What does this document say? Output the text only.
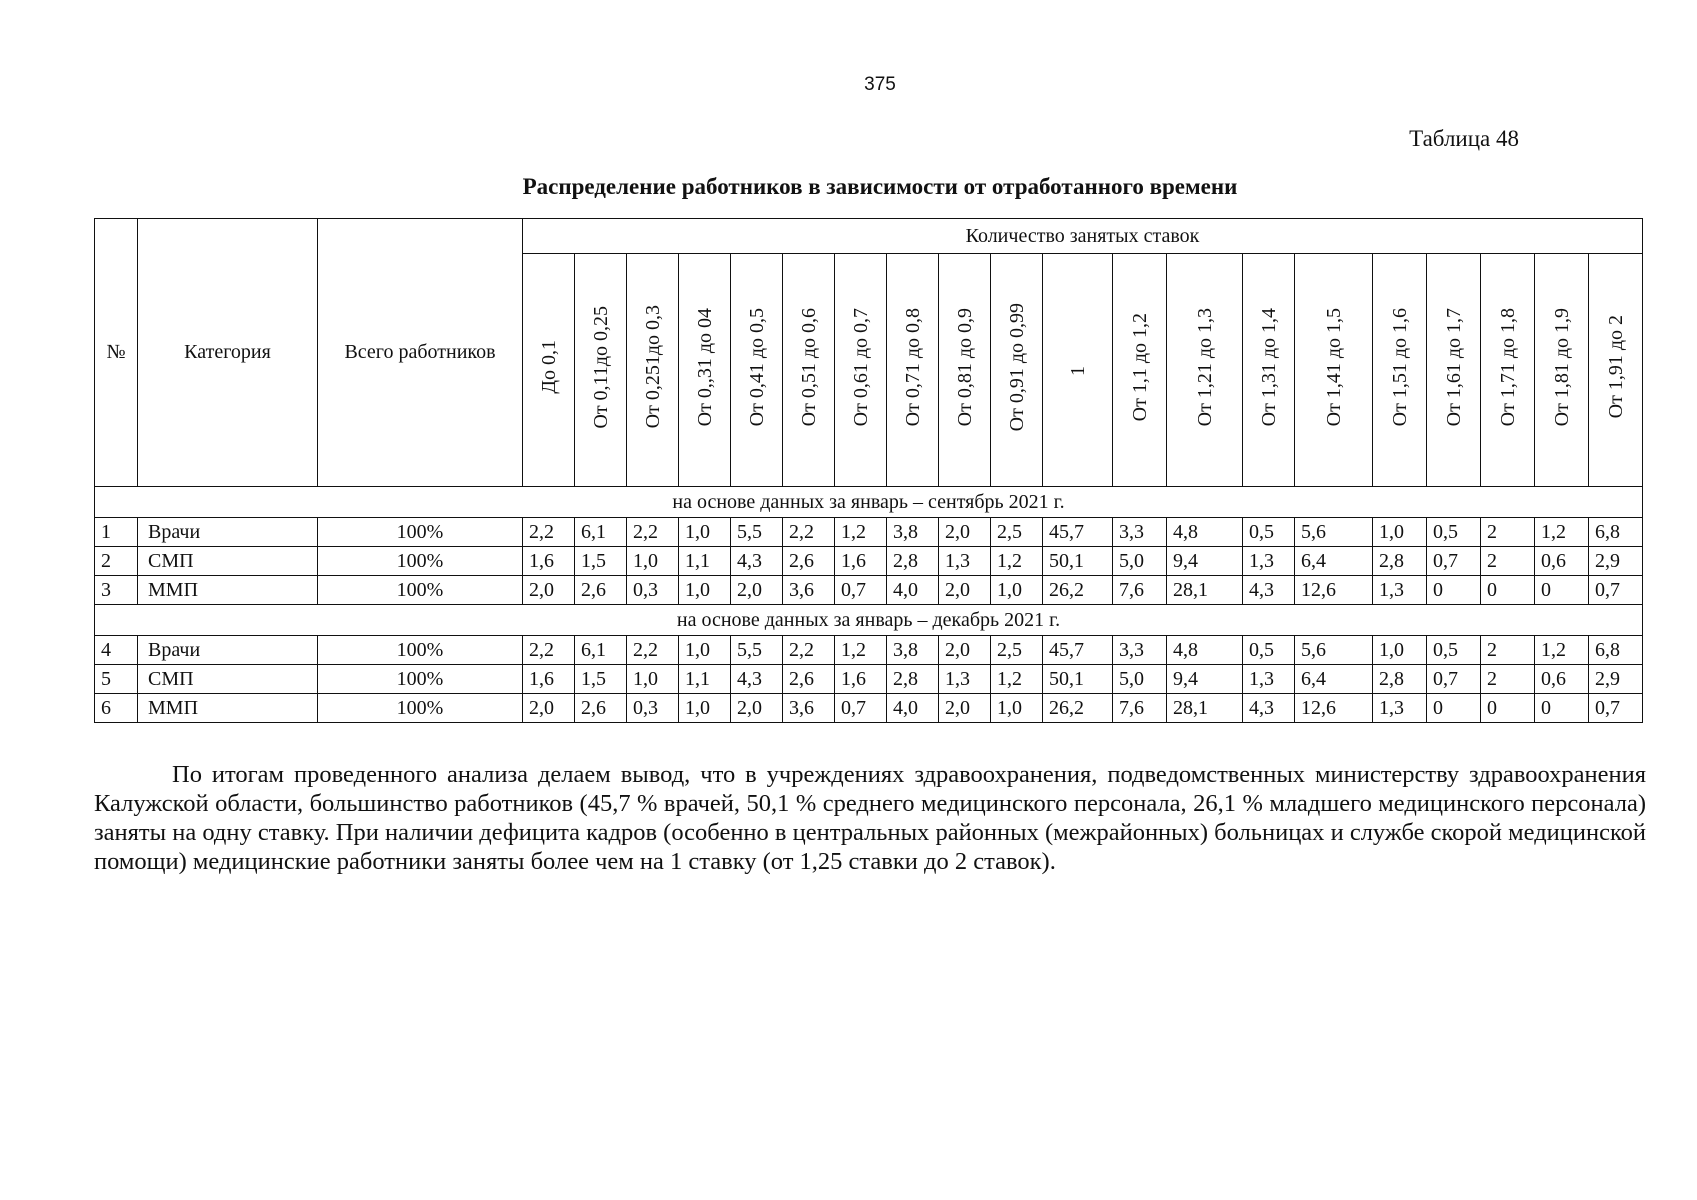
375
Таблица 48
Распределение работников в зависимости от отработанного времени
№	Категория	Всего работников	Количество занятых ставок																			
			До 0,1	От 0,11до 0,25	От 0,251до 0,3	От 0,,31 до 04	От 0,41 до 0,5	От 0,51 до 0,6	От 0,61 до 0,7	От 0,71 до 0,8	От 0,81 до 0,9	От 0,91 до 0,99	1	От 1,1 до 1,2	От 1,21 до 1,3	От 1,31 до 1,4	От 1,41 до 1,5	От 1,51 до 1,6	От 1,61 до 1,7	От 1,71 до 1,8	От 1,81 до 1,9	От 1,91 до 2
на основе данных за январь – сентябрь 2021 г.																						
1	Врачи	100%	2,2	6,1	2,2	1,0	5,5	2,2	1,2	3,8	2,0	2,5	45,7	3,3	4,8	0,5	5,6	1,0	0,5	2	1,2	6,8
2	СМП	100%	1,6	1,5	1,0	1,1	4,3	2,6	1,6	2,8	1,3	1,2	50,1	5,0	9,4	1,3	6,4	2,8	0,7	2	0,6	2,9
3	ММП	100%	2,0	2,6	0,3	1,0	2,0	3,6	0,7	4,0	2,0	1,0	26,2	7,6	28,1	4,3	12,6	1,3	0	0	0	0,7
на основе данных за январь – декабрь 2021 г.																						
4	Врачи	100%	2,2	6,1	2,2	1,0	5,5	2,2	1,2	3,8	2,0	2,5	45,7	3,3	4,8	0,5	5,6	1,0	0,5	2	1,2	6,8
5	СМП	100%	1,6	1,5	1,0	1,1	4,3	2,6	1,6	2,8	1,3	1,2	50,1	5,0	9,4	1,3	6,4	2,8	0,7	2	0,6	2,9
6	ММП	100%	2,0	2,6	0,3	1,0	2,0	3,6	0,7	4,0	2,0	1,0	26,2	7,6	28,1	4,3	12,6	1,3	0	0	0	0,7

По итогам проведенного анализа делаем вывод, что в учреждениях здравоохранения, подведомственных министерству здравоохранения Калужской области, большинство работников (45,7 % врачей, 50,1 % среднего медицинского персонала, 26,1 % младшего медицинского персонала) заняты на одну ставку. При наличии дефицита кадров (особенно в центральных районных (межрайонных) больницах и службе скорой медицинской помощи) медицинские работники заняты более чем на 1 ставку (от 1,25 ставки до 2 ставок).
